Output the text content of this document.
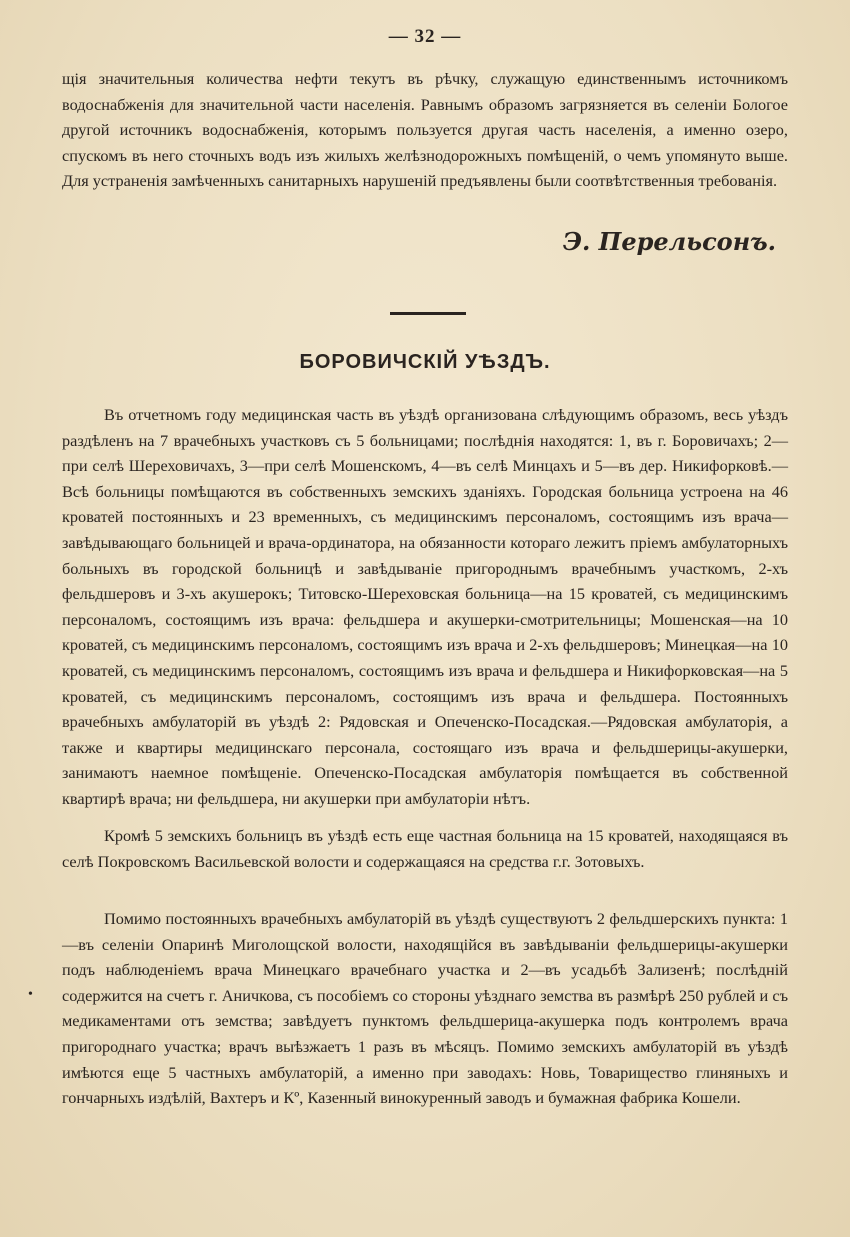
— 32 —

щія значительныя количества нефти текутъ въ рѣчку, служащую единственнымъ источникомъ водоснабженія для значительной части населенія. Равнымъ образомъ загрязняется въ селеніи Бологое другой источникъ водоснабженія, которымъ пользуется другая часть населенія, а именно озеро, спускомъ въ него сточныхъ водъ изъ жилыхъ желѣзнодорожныхъ помѣщеній, о чемъ упомянуто выше. Для устраненія замѣченныхъ санитарныхъ нарушеній предъявлены были соотвѣтственныя требованія.

Э. Перельсонъ.
БОРОВИЧСКІЙ УѢЗДЪ.

Въ отчетномъ году медицинская часть въ уѣздѣ организована слѣдующимъ образомъ, весь уѣздъ раздѣленъ на 7 врачебныхъ участковъ съ 5 больницами; послѣднія находятся: 1, въ г. Боровичахъ; 2—при селѣ Шереховичахъ, 3—при селѣ Мошенскомъ, 4—въ селѣ Минцахъ и 5—въ дер. Никифорковѣ.—Всѣ больницы помѣщаются въ собственныхъ земскихъ зданіяхъ. Городская больница устроена на 46 кроватей постоянныхъ и 23 временныхъ, съ медицинскимъ персоналомъ, состоящимъ изъ врача—завѣдывающаго больницей и врача-ординатора, на обязанности котораго лежитъ пріемъ амбулаторныхъ больныхъ въ городской больницѣ и завѣдываніе пригороднымъ врачебнымъ участкомъ, 2-хъ фельдшеровъ и 3-хъ акушерокъ; Титовско-Шереховская больница—на 15 кроватей, съ медицинскимъ персоналомъ, состоящимъ изъ врача: фельдшера и акушерки-смотрительницы; Мошенская—на 10 кроватей, съ медицинскимъ персоналомъ, состоящимъ изъ врача и 2-хъ фельдшеровъ; Минецкая—на 10 кроватей, съ медицинскимъ персоналомъ, состоящимъ изъ врача и фельдшера и Никифорковская—на 5 кроватей, съ медицинскимъ персоналомъ, состоящимъ изъ врача и фельдшера. Постоянныхъ врачебныхъ амбулаторій въ уѣздѣ 2: Рядовская и Опеченско-Посадская.—Рядовская амбулаторія, а также и квартиры медицинскаго персонала, состоящаго изъ врача и фельдшерицы-акушерки, занимаютъ наемное помѣщеніе. Опеченско-Посадская амбулаторія помѣщается въ собственной квартирѣ врача; ни фельдшера, ни акушерки при амбулаторіи нѣтъ.

Кромѣ 5 земскихъ больницъ въ уѣздѣ есть еще частная больница на 15 кроватей, находящаяся въ селѣ Покровскомъ Васильевской волости и содержащаяся на средства г.г. Зотовыхъ.

Помимо постоянныхъ врачебныхъ амбулаторій въ уѣздѣ существуютъ 2 фельдшерскихъ пункта: 1—въ селеніи Опаринѣ Миголощской волости, находящійся въ завѣдываніи фельдшерицы-акушерки подъ наблюденіемъ врача Минецкаго врачебнаго участка и 2—въ усадьбѣ Зализенѣ; послѣдній содержится на счетъ г. Аничкова, съ пособіемъ со стороны уѣзднаго земства въ размѣрѣ 250 рублей и съ медикаментами отъ земства; завѣдуетъ пунктомъ фельдшерица-акушерка подъ контролемъ врача пригороднаго участка; врачъ выѣзжаетъ 1 разъ въ мѣсяцъ. Помимо земскихъ амбулаторій въ уѣздѣ имѣются еще 5 частныхъ амбулаторій, а именно при заводахъ: Новь, Товарищество глиняныхъ и гончарныхъ издѣлій, Вахтеръ и Кº, Казенный винокуренный заводъ и бумажная фабрика Кошели.

•
